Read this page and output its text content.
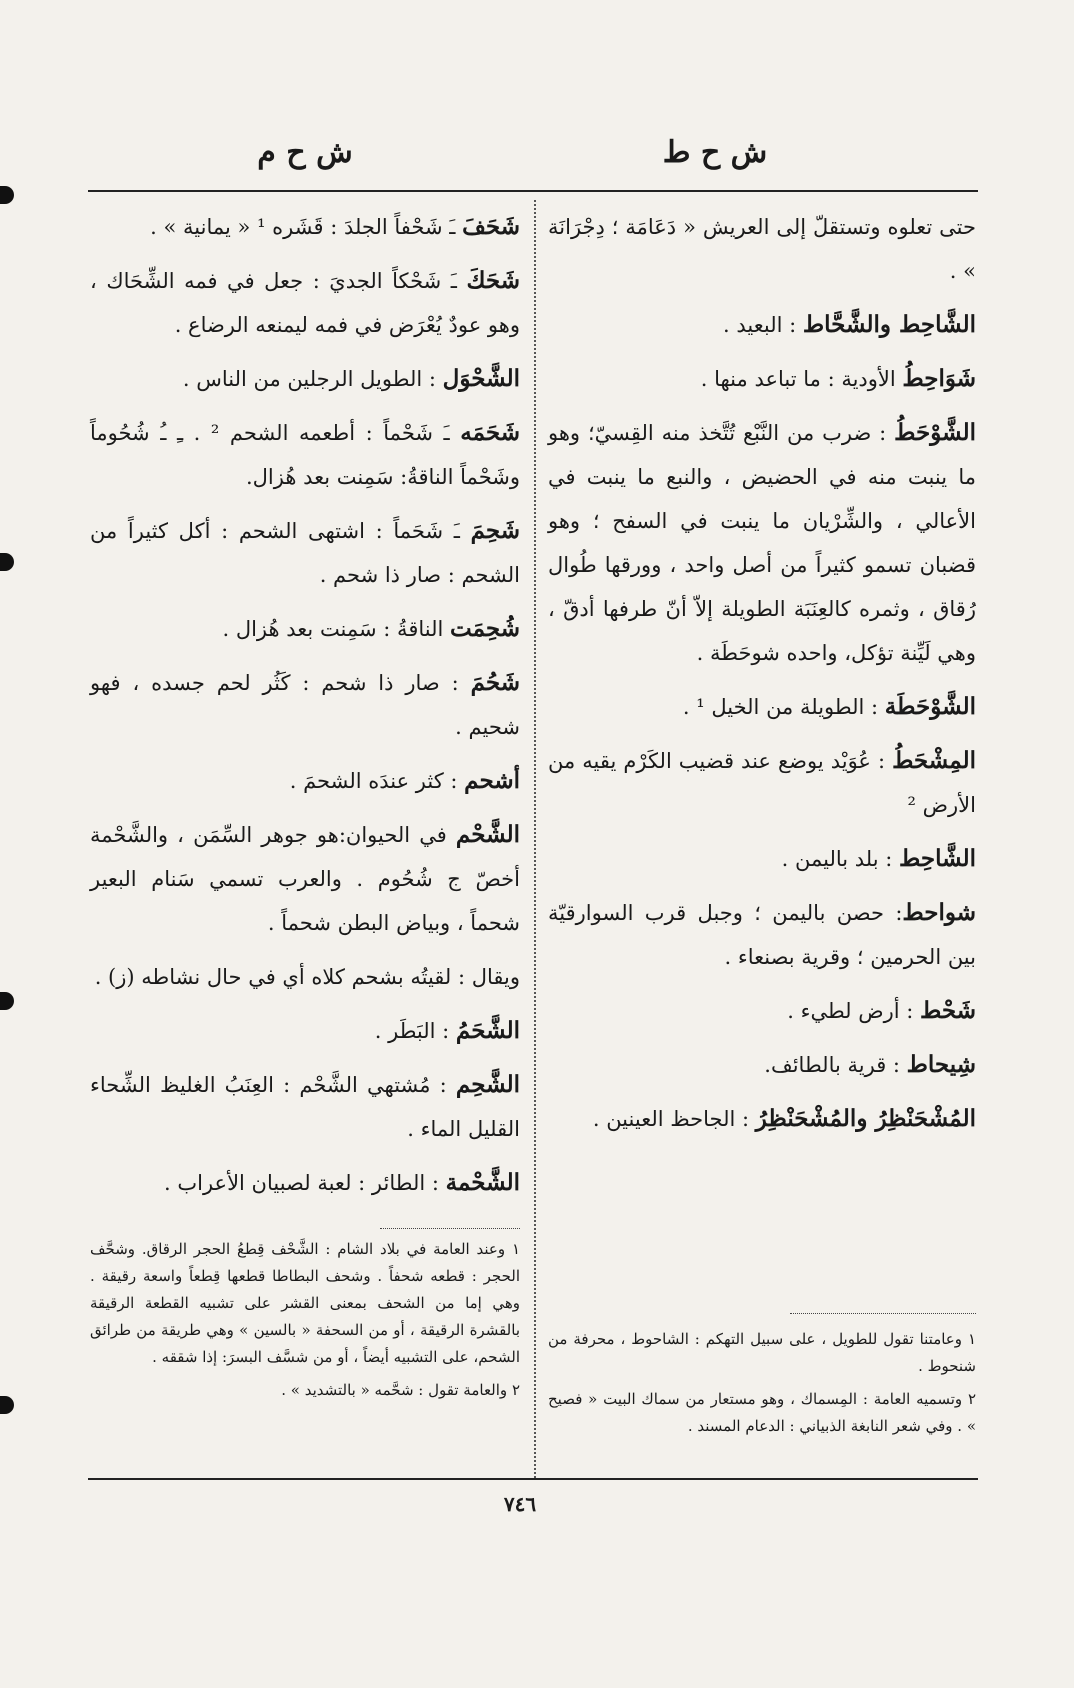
ش ح ط
ش ح م
حتى تعلوه وتستقلّ إلى العريش « دَعَامَة ؛ دِجْرَانَة » .
الشَّاحِط والشَّحَّاط : البعيد .
شَوَاحِطُ الأودية : ما تباعد منها .
الشَّوْحَطُ : ضرب من النَّبْع تُتَّخذ منه القِسيّ؛ وهو ما ينبت منه في الحضيض ، والنبع ما ينبت في الأعالي ، والشِّرْيان ما ينبت في السفح ؛ وهو قضبان تسمو كثيراً من أصل واحد ، وورقها طُوال رُقاق ، وثمره كالعِنَبَة الطويلة إلاّ أنّ طرفها أدقّ ، وهي لَيِّنة تؤكل، واحده شوحَطَة .
الشَّوْحَطَة : الطويلة من الخيل ¹ .
المِشْحَطُ : عُوَيْد يوضع عند قضيب الكَرْم يقيه من الأرض ²
الشَّاحِط : بلد باليمن .
شواحط: حصن باليمن ؛ وجبل قرب السوارقيّة بين الحرمين ؛ وقرية بصنعاء .
شَحْط : أرض لطيء .
شِيحاط : قرية بالطائف.
المُشْحَنْظِرُ والمُشْحَنْظِرُ : الجاحظ العينين .
شَحَفَ ـَ شَحْفاً الجلدَ : قَشَره ¹ « يمانية » .
شَحَكَ ـَ شَحْكاً الجديَ : جعل في فمه الشِّحَاك ، وهو عودٌ يُعْرَض في فمه ليمنعه الرضاع .
الشَّحْوَل : الطويل الرجلين من الناس .
شَحَمَه ـَ شَحْماً : أطعمه الشحم ² . ـِ ـُ شُحُوماً وشَحْماً الناقةُ: سَمِنت بعد هُزال.
شَحِمَ ـَ شَحَماً : اشتهى الشحم : أكل كثيراً من الشحم : صار ذا شحم .
شُحِمَت الناقةُ : سَمِنت بعد هُزال .
شَحُمَ : صار ذا شحم : كَثُر لحم جسده ، فهو شحيم .
أشحم : كثر عندَه الشحمَ .
الشَّحْم في الحيوان:هو جوهر السِّمَن ، والشَّحْمة أخصّ ج شُحُوم . والعرب تسمي سَنام البعير شحماً ، وبياض البطن شحماً .
ويقال : لقيتُه بشحم كلاه أي في حال نشاطه (ز) .
الشَّحَمُ : البَطَر .
الشَّحِم : مُشتهي الشَّحْم : العِنَبُ الغليظ الشِّحاء القليل الماء .
الشَّحْمة : الطائر : لعبة لصبيان الأعراب .
١ وعند العامة في بلاد الشام : الشَّحْف قِطعُ الحجر الرقاق. وشحَّف الحجر : قطعه شحفاً . وشحف البطاطا قطعها قِطعاً واسعة رقيقة . وهي إما من الشحف بمعنى القشر على تشبيه القطعة الرقيقة بالقشرة الرقيقة ، أو من السحفة « بالسين » وهي طريقة من طرائق الشحم، على التشبيه أيضاً ، أو من شسَّف البسرَ: إذا شققه .
٢ والعامة تقول : شحَّمه « بالتشديد » .
١ وعامتنا تقول للطويل ، على سبيل التهكم : الشاحوط ، محرفة من شنحوط .
٢ وتسميه العامة : المِسماك ، وهو مستعار من سماك البيت « فصيح » . وفي شعر النابغة الذبياني : الدعام المسند .
٧٤٦
